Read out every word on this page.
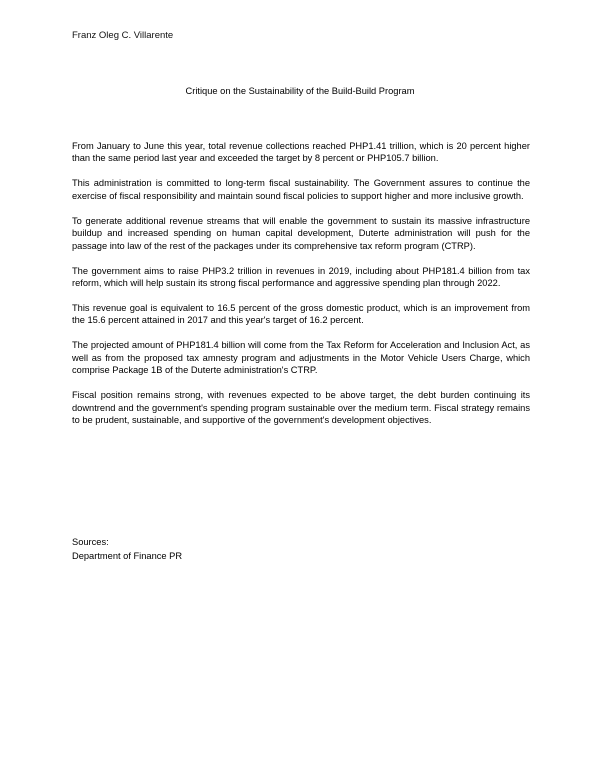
Franz Oleg C. Villarente
Critique on the Sustainability of the Build-Build Program

From January to June this year, total revenue collections reached PHP1.41 trillion, which is 20 percent higher than the same period last year and exceeded the target by 8 percent or PHP105.7 billion.

This administration is committed to long-term fiscal sustainability. The Government assures to continue the exercise of fiscal responsibility and maintain sound fiscal policies to support higher and more inclusive growth.

To generate additional revenue streams that will enable the government to sustain its massive infrastructure buildup and increased spending on human capital development, Duterte administration will push for the passage into law of the rest of the packages under its comprehensive tax reform program (CTRP).

The government aims to raise PHP3.2 trillion in revenues in 2019, including about PHP181.4 billion from tax reform, which will help sustain its strong fiscal performance and aggressive spending plan through 2022.

This revenue goal is equivalent to 16.5 percent of the gross domestic product, which is an improvement from the 15.6 percent attained in 2017 and this year's target of 16.2 percent.

The projected amount of PHP181.4 billion will come from the Tax Reform for Acceleration and Inclusion Act, as well as from the proposed tax amnesty program and adjustments in the Motor Vehicle Users Charge, which comprise Package 1B of the Duterte administration's CTRP.

Fiscal position remains strong, with revenues expected to be above target, the debt burden continuing its downtrend and the government's spending program sustainable over the medium term. Fiscal strategy remains to be prudent, sustainable, and supportive of the government's development objectives.

Sources:
Department of Finance PR
